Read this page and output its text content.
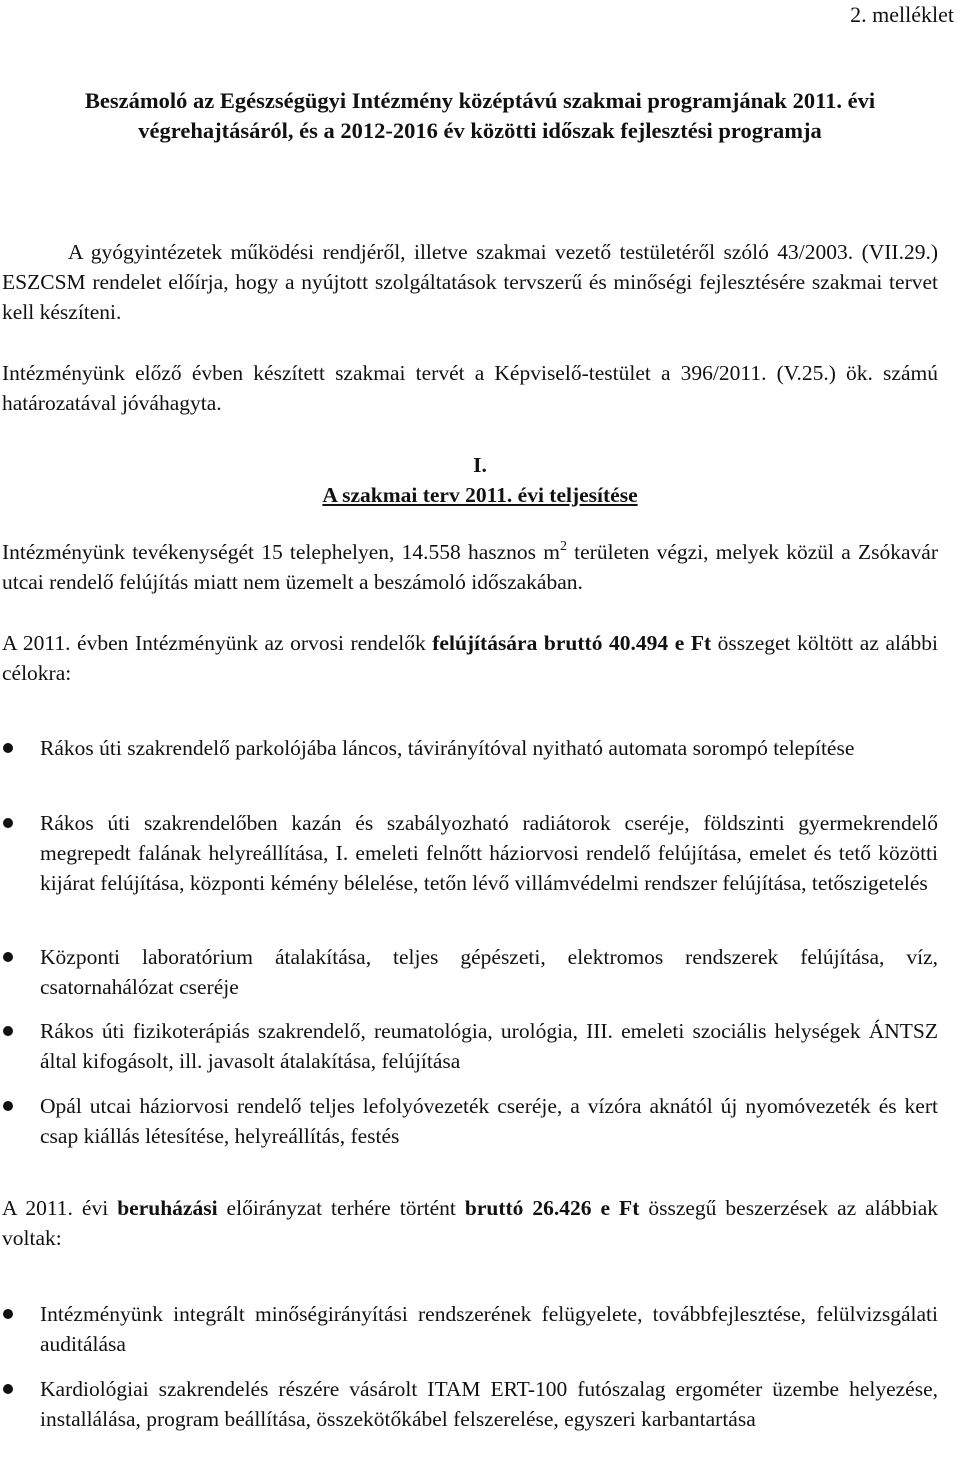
2. melléklet
Beszámoló az Egészségügyi Intézmény középtávú szakmai programjának 2011. évi végrehajtásáról, és a 2012-2016 év közötti időszak fejlesztési programja

A gyógyintézetek működési rendjéről, illetve szakmai vezető testületéről szóló 43/2003. (VII.29.) ESZCSM rendelet előírja, hogy a nyújtott szolgáltatások tervszerű és minőségi fejlesztésére szakmai tervet kell készíteni.

Intézményünk előző évben készített szakmai tervét a Képviselő-testület a 396/2011. (V.25.) ök. számú határozatával jóváhagyta.

I.
A szakmai terv 2011. évi teljesítése

Intézményünk tevékenységét 15 telephelyen, 14.558 hasznos $m^2$ területen végzi, melyek közül a Zsókavár utcai rendelő felújítás miatt nem üzemelt a beszámoló időszakában.

A 2011. évben Intézményünk az orvosi rendelők felújítására bruttó 40.494 e Ft összeget költött az alábbi célokra:

Rákos úti szakrendelő parkolójába láncos, távirányítóval nyitható automata sorompó telepítése
Rákos úti szakrendelőben kazán és szabályozható radiátorok cseréje, földszinti gyermekrendelő megrepedt falának helyreállítása, I. emeleti felnőtt háziorvosi rendelő felújítása, emelet és tető közötti kijárat felújítása, központi kémény bélelése, tetőn lévő villámvédelmi rendszer felújítása, tetőszigetelés
Központi laboratórium átalakítása, teljes gépészeti, elektromos rendszerek felújítása, víz, csatornahálózat cseréje
Rákos úti fizikoterápiás szakrendelő, reumatológia, urológia, III. emeleti szociális helységek ÁNTSZ által kifogásolt, ill. javasolt átalakítása, felújítása
Opál utcai háziorvosi rendelő teljes lefolyóvezeték cseréje, a vízóra aknától új nyomóvezeték és kert csap kiállás létesítése, helyreállítás, festés

A 2011. évi beruházási előirányzat terhére történt bruttó 26.426 e Ft összegű beszerzések az alábbiak voltak:

Intézményünk integrált minőségirányítási rendszerének felügyelete, továbbfejlesztése, felülvizsgálati auditálása
Kardiológiai szakrendelés részére vásárolt ITAM ERT-100 futószalag ergométer üzembe helyezése, installálása, program beállítása, összekötőkábel felszerelése, egyszeri karbantartása
